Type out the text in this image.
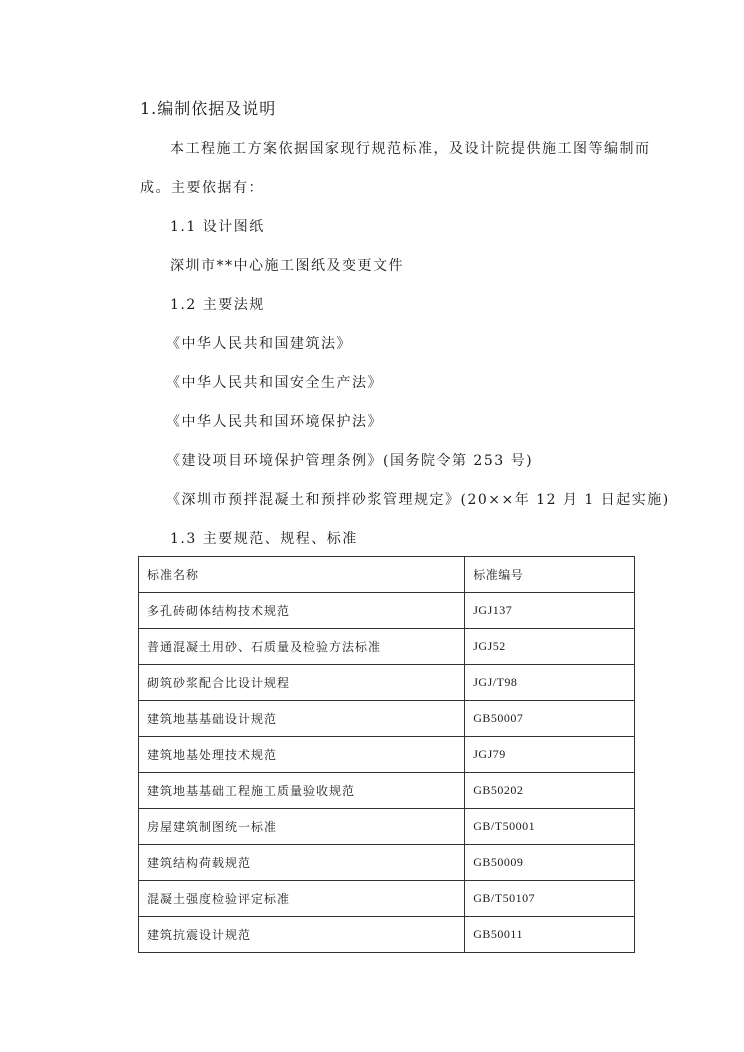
1.编制依据及说明
本工程施工方案依据国家现行规范标准，及设计院提供施工图等编制而
成。主要依据有：
1.1 设计图纸
深圳市**中心施工图纸及变更文件
1.2 主要法规
《中华人民共和国建筑法》
《中华人民共和国安全生产法》
《中华人民共和国环境保护法》
《建设项目环境保护管理条例》(国务院令第 253 号)
《深圳市预拌混凝土和预拌砂浆管理规定》(20××年 12 月 1 日起实施)
1.3 主要规范、规程、标准
标准名称	标准编号
多孔砖砌体结构技术规范	JGJ137
普通混凝土用砂、石质量及检验方法标准	JGJ52
砌筑砂浆配合比设计规程	JGJ/T98
建筑地基基础设计规范	GB50007
建筑地基处理技术规范	JGJ79
建筑地基基础工程施工质量验收规范	GB50202
房屋建筑制图统一标准	GB/T50001
建筑结构荷载规范	GB50009
混凝土强度检验评定标准	GB/T50107
建筑抗震设计规范	GB50011
